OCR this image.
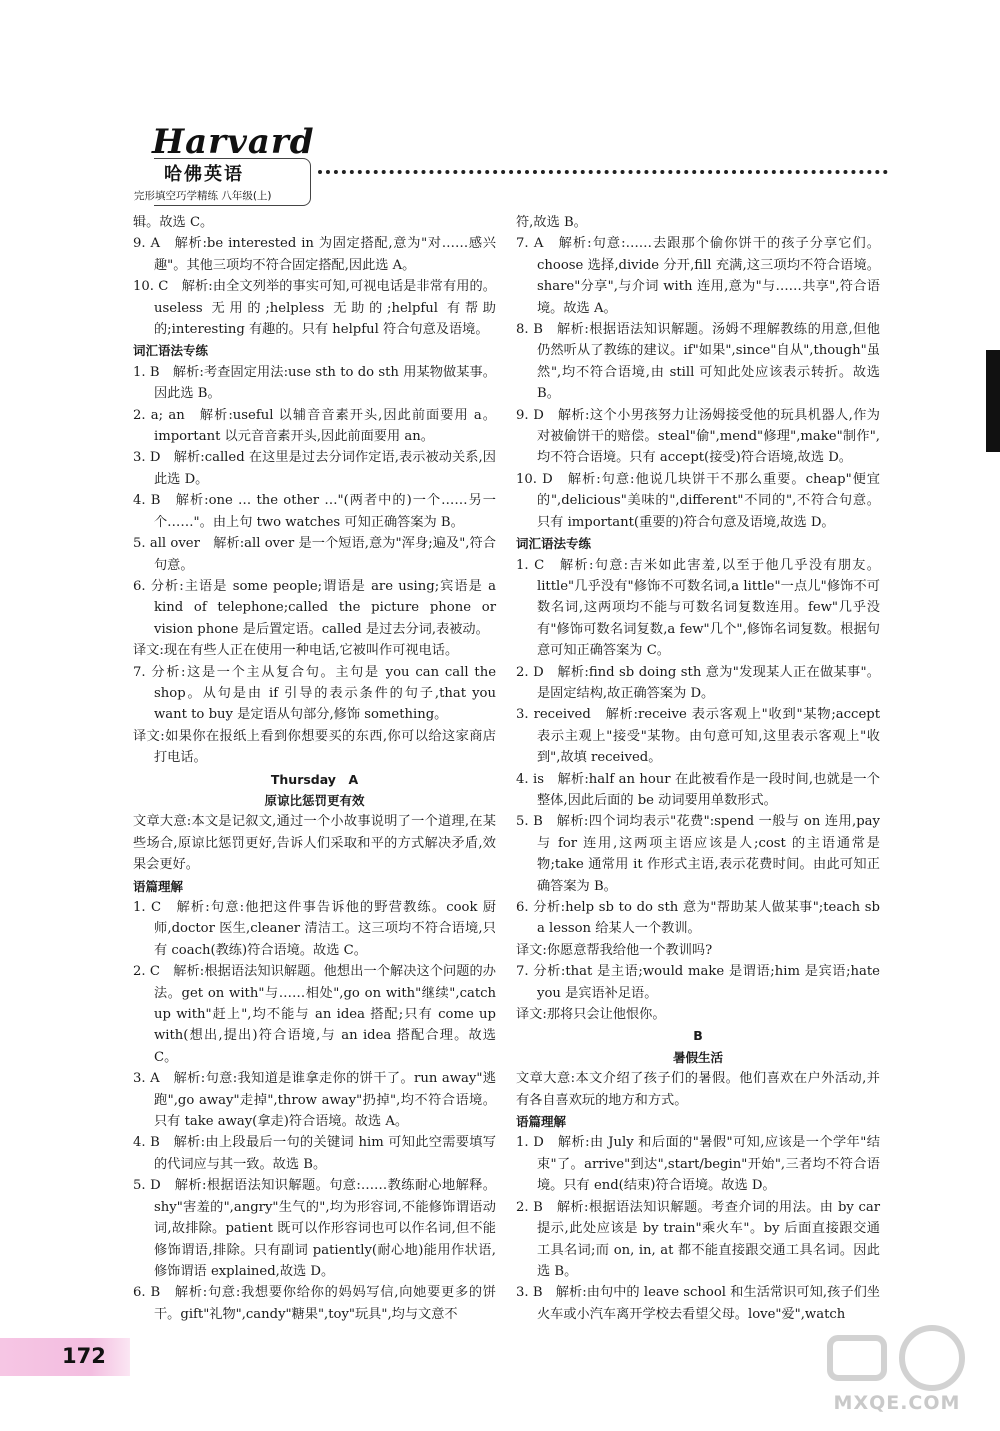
Harvard
哈佛英语
完形填空巧学精练 八年级(上)

辑。故选 C。

9. A　解析:be interested in 为固定搭配,意为"对……感兴趣"。其他三项均不符合固定搭配,因此选 A。

10. C　解析:由全文列举的事实可知,可视电话是非常有用的。useless 无用的;helpless 无助的;helpful 有帮助的;interesting 有趣的。只有 helpful 符合句意及语境。

词汇语法专练

1. B　解析:考查固定用法:use sth to do sth 用某物做某事。因此选 B。

2. a; an　解析:useful 以辅音音素开头,因此前面要用 a。important 以元音音素开头,因此前面要用 an。

3. D　解析:called 在这里是过去分词作定语,表示被动关系,因此选 D。

4. B　解析:one … the other …"(两者中的)一个……另一个……"。由上句 two watches 可知正确答案为 B。

5. all over　解析:all over 是一个短语,意为"浑身;遍及",符合句意。

6. 分析:主语是 some people;谓语是 are using;宾语是 a kind of telephone;called the picture phone or vision phone 是后置定语。called 是过去分词,表被动。

译文:现在有些人正在使用一种电话,它被叫作可视电话。

7. 分析:这是一个主从复合句。主句是 you can call the shop。从句是由 if 引导的表示条件的句子,that you want to buy 是定语从句部分,修饰 something。

译文:如果你在报纸上看到你想要买的东西,你可以给这家商店打电话。

Thursday　A

原谅比惩罚更有效

文章大意:本文是记叙文,通过一个小故事说明了一个道理,在某些场合,原谅比惩罚更好,告诉人们采取和平的方式解决矛盾,效果会更好。

语篇理解

1. C　解析:句意:他把这件事告诉他的野营教练。cook 厨师,doctor 医生,cleaner 清洁工。这三项均不符合语境,只有 coach(教练)符合语境。故选 C。

2. C　解析:根据语法知识解题。他想出一个解决这个问题的办法。get on with"与……相处",go on with"继续",catch up with"赶上",均不能与 an idea 搭配;只有 come up with(想出,提出)符合语境,与 an idea 搭配合理。故选 C。

3. A　解析:句意:我知道是谁拿走你的饼干了。run away"逃跑",go away"走掉",throw away"扔掉",均不符合语境。只有 take away(拿走)符合语境。故选 A。

4. B　解析:由上段最后一句的关键词 him 可知此空需要填写的代词应与其一致。故选 B。

5. D　解析:根据语法知识解题。句意:……教练耐心地解释。shy"害羞的",angry"生气的",均为形容词,不能修饰谓语动词,故排除。patient 既可以作形容词也可以作名词,但不能修饰谓语,排除。只有副词 patiently(耐心地)能用作状语,修饰谓语 explained,故选 D。

6. B　解析:句意:我想要你给你的妈妈写信,向她要更多的饼干。gift"礼物",candy"糖果",toy"玩具",均与文意不

符,故选 B。

7. A　解析:句意:……去跟那个偷你饼干的孩子分享它们。choose 选择,divide 分开,fill 充满,这三项均不符合语境。share"分享",与介词 with 连用,意为"与……共享",符合语境。故选 A。

8. B　解析:根据语法知识解题。汤姆不理解教练的用意,但他仍然听从了教练的建议。if"如果",since"自从",though"虽然",均不符合语境,由 still 可知此处应该表示转折。故选 B。

9. D　解析:这个小男孩努力让汤姆接受他的玩具机器人,作为对被偷饼干的赔偿。steal"偷",mend"修理",make"制作",均不符合语境。只有 accept(接受)符合语境,故选 D。

10. D　解析:句意:他说几块饼干不那么重要。cheap"便宜的",delicious"美味的",different"不同的",不符合句意。只有 important(重要的)符合句意及语境,故选 D。

词汇语法专练

1. C　解析:句意:吉米如此害羞,以至于他几乎没有朋友。little"几乎没有"修饰不可数名词,a little"一点儿"修饰不可数名词,这两项均不能与可数名词复数连用。few"几乎没有"修饰可数名词复数,a few"几个",修饰名词复数。根据句意可知正确答案为 C。

2. D　解析:find sb doing sth 意为"发现某人正在做某事"。是固定结构,故正确答案为 D。

3. received　解析:receive 表示客观上"收到"某物;accept 表示主观上"接受"某物。由句意可知,这里表示客观上"收到",故填 received。

4. is　解析:half an hour 在此被看作是一段时间,也就是一个整体,因此后面的 be 动词要用单数形式。

5. B　解析:四个词均表示"花费":spend 一般与 on 连用,pay 与 for 连用,这两项主语应该是人;cost 的主语通常是物;take 通常用 it 作形式主语,表示花费时间。由此可知正确答案为 B。

6. 分析:help sb to do sth 意为"帮助某人做某事";teach sb a lesson 给某人一个教训。

译文:你愿意帮我给他一个教训吗?

7. 分析:that 是主语;would make 是谓语;him 是宾语;hate you 是宾语补足语。

译文:那将只会让他恨你。

B

暑假生活

文章大意:本文介绍了孩子们的暑假。他们喜欢在户外活动,并有各自喜欢玩的地方和方式。

语篇理解

1. D　解析:由 July 和后面的"暑假"可知,应该是一个学年"结束"了。arrive"到达",start/begin"开始",三者均不符合语境。只有 end(结束)符合语境。故选 D。

2. B　解析:根据语法知识解题。考查介词的用法。由 by car 提示,此处应该是 by train"乘火车"。by 后面直接跟交通工具名词;而 on, in, at 都不能直接跟交通工具名词。因此选 B。

3. B　解析:由句中的 leave school 和生活常识可知,孩子们坐火车或小汽车离开学校去看望父母。love"爱",watch

172
MXQE.COM
